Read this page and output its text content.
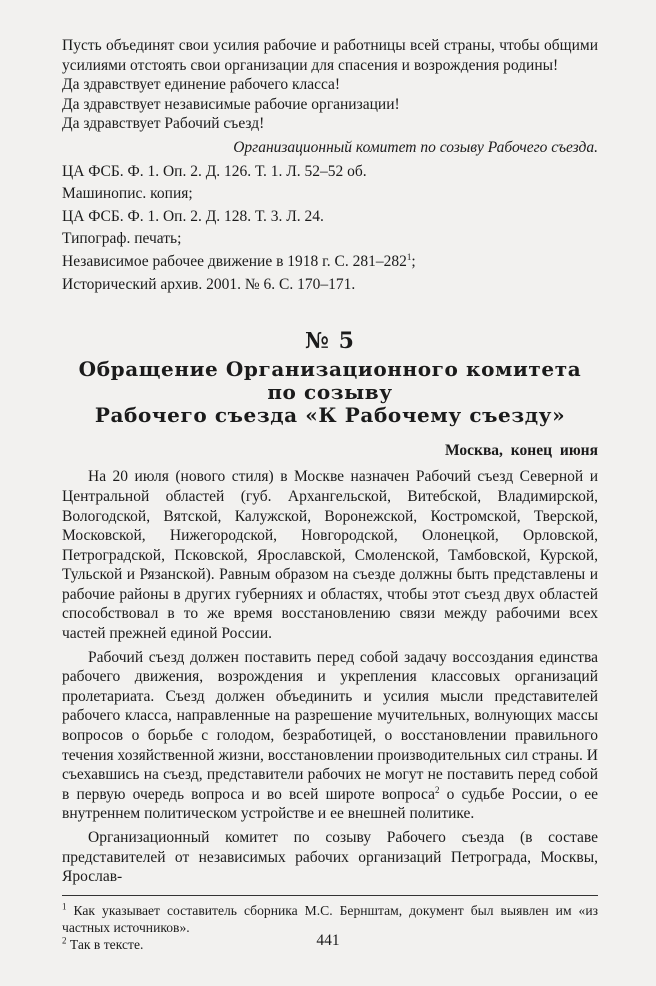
Пусть объединят свои усилия рабочие и работницы всей страны, чтобы общими усилиями отстоять свои организации для спасения и возрождения родины!

Да здравствует единение рабочего класса!

Да здравствует независимые рабочие организации!

Да здравствует Рабочий съезд!

Организационный комитет по созыву Рабочего съезда.

ЦА ФСБ. Ф. 1. Оп. 2. Д. 126. Т. 1. Л. 52–52 об.

Машинопис. копия;

ЦА ФСБ. Ф. 1. Оп. 2. Д. 128. Т. 3. Л. 24.

Типограф. печать;

Независимое рабочее движение в 1918 г. С. $281-282^1$;

Исторический архив. 2001. № 6. С. 170–171.

№ 5
Обращение Организационного комитета по созыву
Рабочего съезда «К Рабочему съезду»
Москва, конец июня

На 20 июля (нового стиля) в Москве назначен Рабочий съезд Северной и Центральной областей (губ. Архангельской, Витебской, Владимирской, Вологодской, Вятской, Калужской, Воронежской, Костромской, Тверской, Московской, Нижегородской, Новгородской, Олонецкой, Орловской, Петроградской, Псковской, Ярославской, Смоленской, Тамбовской, Курской, Тульской и Рязанской). Равным образом на съезде должны быть представлены и рабочие районы в других губерниях и областях, чтобы этот съезд двух областей способствовал в то же время восстановлению связи между рабочими всех частей прежней единой России.

Рабочий съезд должен поставить перед собой задачу воссоздания единства рабочего движения, возрождения и укрепления классовых организаций пролетариата. Съезд должен объединить и усилия мысли представителей рабочего класса, направленные на разрешение мучительных, волнующих массы вопросов о борьбе с голодом, безработицей, о восстановлении правильного течения хозяйственной жизни, восстановлении производительных сил страны. И съехавшись на съезд, представители рабочих не могут не поставить перед собой в первую очередь вопроса и во всей широте вопроса$^2$ о судьбе России, о ее внутреннем политическом устройстве и ее внешней политике.

Организационный комитет по созыву Рабочего съезда (в составе представителей от независимых рабочих организаций Петрограда, Москвы, Ярослав-

$^1$ Как указывает составитель сборника М.С. Бернштам, документ был выявлен им «из частных источников».

$^2$ Так в тексте.	441
